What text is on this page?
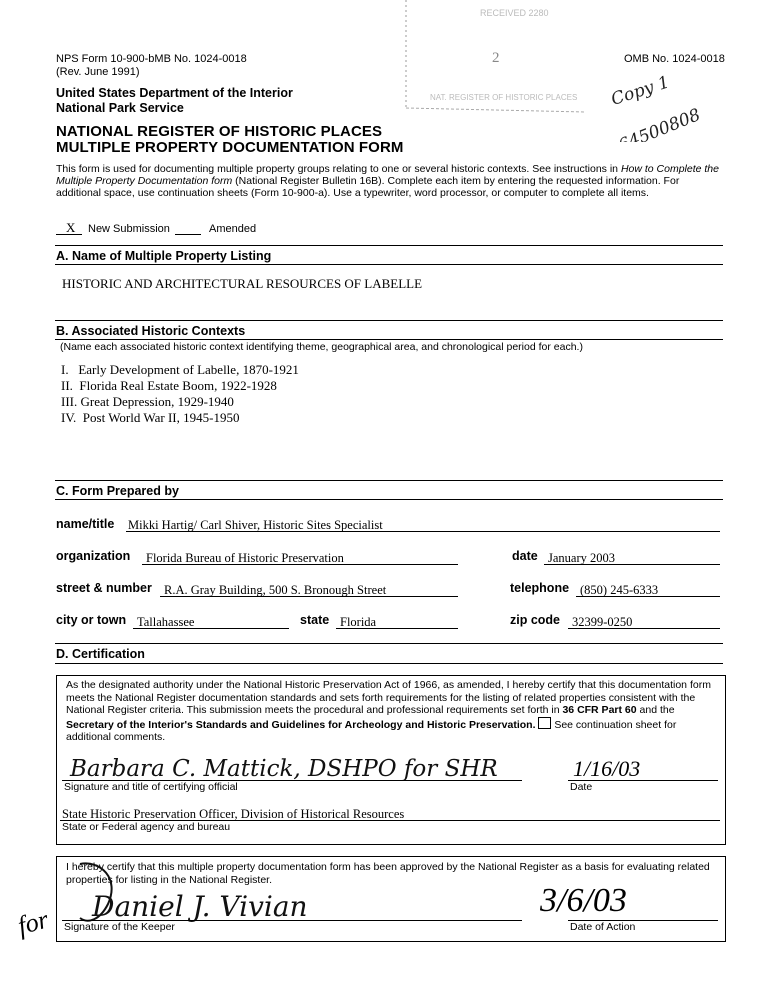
RECEIVED 2280
NAT. REGISTER OF HISTORIC PLACES
2
NPS Form 10-900-bMB No. 1024-0018
(Rev. June 1991)
OMB No. 1024-0018
United States Department of the Interior
National Park Service
NATIONAL REGISTER OF HISTORIC PLACES
MULTIPLE PROPERTY DOCUMENTATION FORM
Copy 1
64500808
This form is used for documenting multiple property groups relating to one or several historic contexts. See instructions in How to Complete the
Multiple Property Documentation form (National Register Bulletin 16B). Complete each item by entering the requested information. For
additional space, use continuation sheets (Form 10-900-a). Use a typewriter, word processor, or computer to complete all items.
X New Submission	Amended
A. Name of Multiple Property Listing
HISTORIC AND ARCHITECTURAL RESOURCES OF LABELLE
B. Associated Historic Contexts
(Name each associated historic context identifying theme, geographical area, and chronological period for each.)
I.   Early Development of Labelle, 1870-1921
II.  Florida Real Estate Boom, 1922-1928
III. Great Depression, 1929-1940
IV.  Post World War II, 1945-1950
C. Form Prepared by
name/title Mikki Hartig/ Carl Shiver, Historic Sites Specialist
organization Florida Bureau of Historic Preservation	date January 2003
street & number R.A. Gray Building, 500 S. Bronough Street	telephone (850) 245-6333
city or town Tallahassee	state Florida	zip code 32399-0250
D. Certification
As the designated authority under the National Historic Preservation Act of 1966, as amended, I hereby certify that this documentation form
meets the National Register documentation standards and sets forth requirements for the listing of related properties consistent with the
National Register criteria. This submission meets the procedural and professional requirements set forth in 36 CFR Part 60 and the
Secretary of the Interior's Standards and Guidelines for Archeology and Historic Preservation.  See continuation sheet for
additional comments.
Barbara C. Mattick, DSHPO for SHR
Signature and title of certifying official
1/16/03
Date
State Historic Preservation Officer, Division of Historical Resources
State or Federal agency and bureau
I hereby certify that this multiple property documentation form has been approved by the National Register as a basis for evaluating related
properties for listing in the National Register.
Daniel J. Vivian
Signature of the Keeper
3/6/03
Date of Action
for
